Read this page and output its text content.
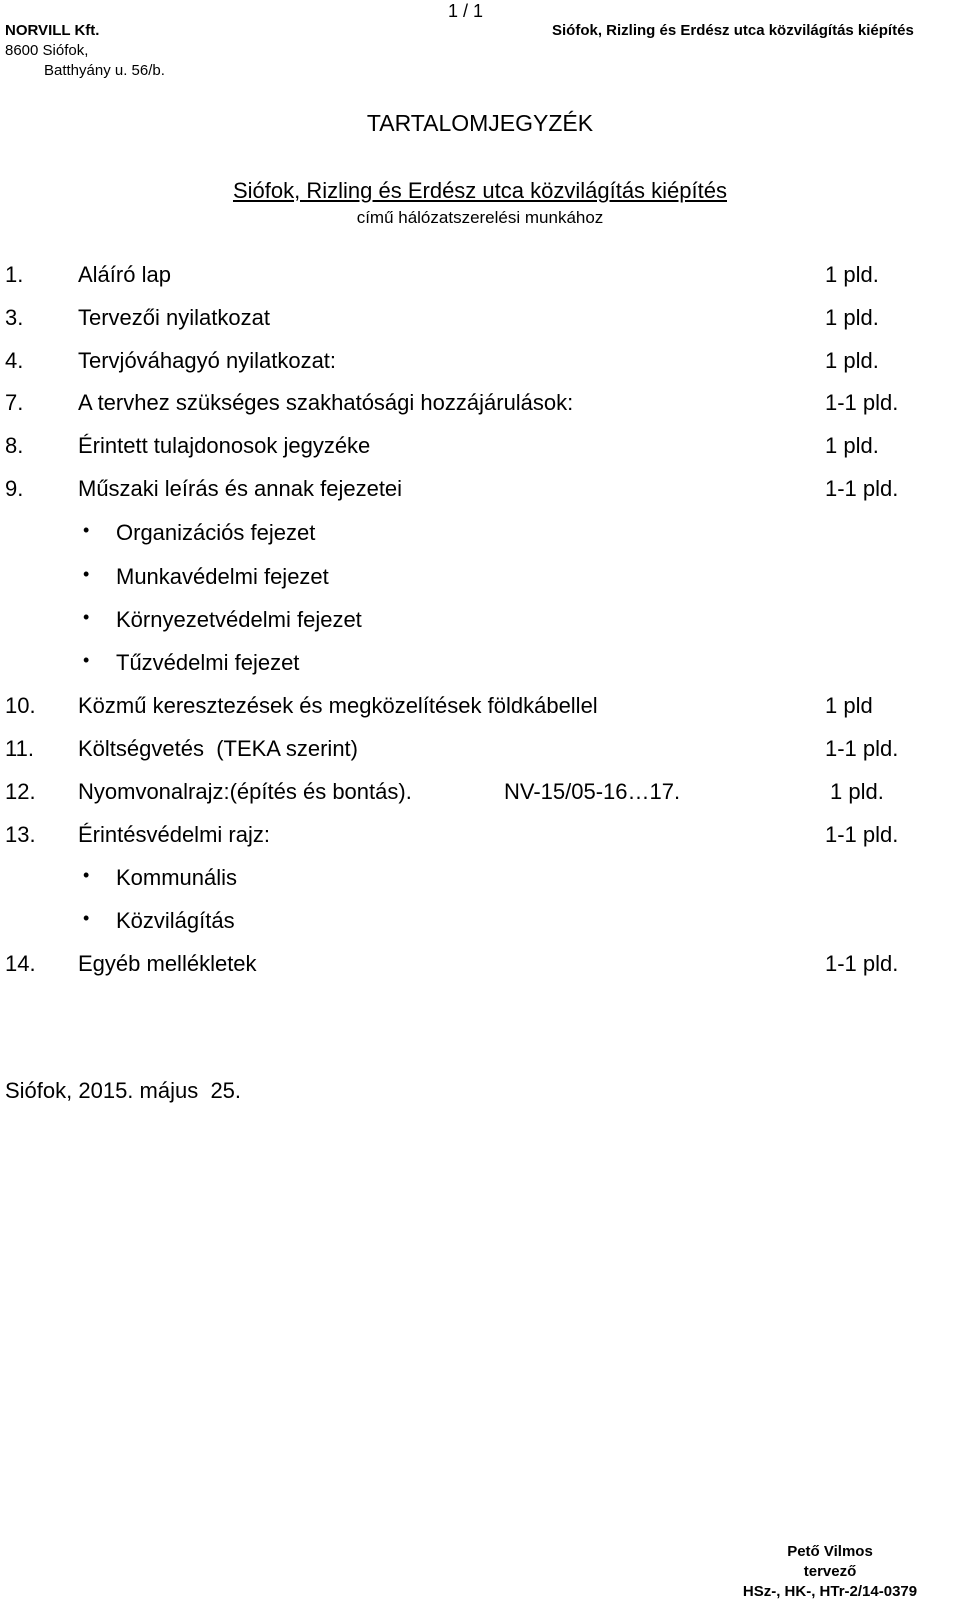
NORVILL Kft.
8600 Siófok,
Batthyány u. 56/b.
1 / 1
Siófok, Rizling és Erdész utca közvilágítás kiépítés
TARTALOMJEGYZÉK
Siófok, Rizling és Erdész utca közvilágítás kiépítés
című hálózatszerelési munkához
1. Aláíró lap	1 pld.
3. Tervezői nyilatkozat	1 pld.
4. Tervjóváhagyó nyilatkozat:	1 pld.
7. A tervhez szükséges szakhatósági hozzájárulások:	1-1 pld.
8. Érintett tulajdonosok jegyzéke	1 pld.
9. Műszaki leírás és annak fejezetei	1-1 pld.
• Organizációs fejezet
• Munkavédelmi fejezet
• Környezetvédelmi fejezet
• Tűzvédelmi fejezet
10. Közmű keresztezések és megközelítések földkábellel	1 pld
11. Költségvetés  (TEKA szerint)	1-1 pld.
12. Nyomvonalrajz:(építés és bontás).	NV-15/05-16…17.	1 pld.
13. Érintésvédelmi rajz:	1-1 pld.
• Kommunális
• Közvilágítás
14. Egyéb mellékletek	1-1 pld.
Siófok, 2015. május  25.
Pető Vilmos
tervező
HSz-, HK-, HTr-2/14-0379
